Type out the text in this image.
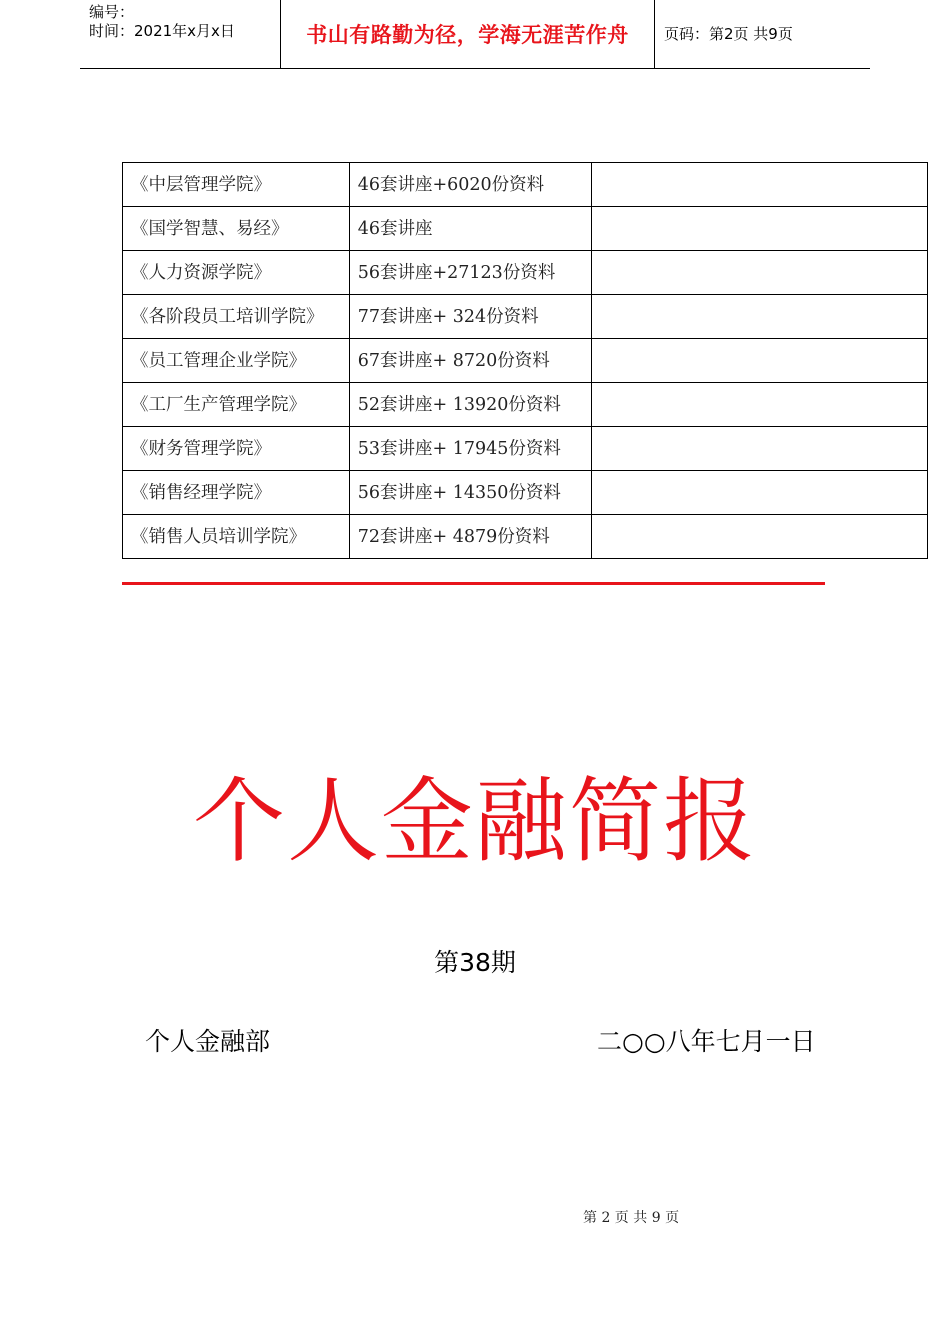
编号：
时间：2021年x月x日	书山有路勤为径，学海无涯苦作舟	页码：第2页 共9页
《中层管理学院》	46套讲座+6020份资料	
《国学智慧、易经》	46套讲座	
《人力资源学院》	56套讲座+27123份资料	
《各阶段员工培训学院》	77套讲座+ 324份资料	
《员工管理企业学院》	67套讲座+ 8720份资料	
《工厂生产管理学院》	52套讲座+ 13920份资料	
《财务管理学院》	53套讲座+ 17945份资料	
《销售经理学院》	56套讲座+ 14350份资料	
《销售人员培训学院》	72套讲座+ 4879份资料	
个人金融简报
第38期
个人金融部	二○○八年七月一日
第 2 页 共 9 页
